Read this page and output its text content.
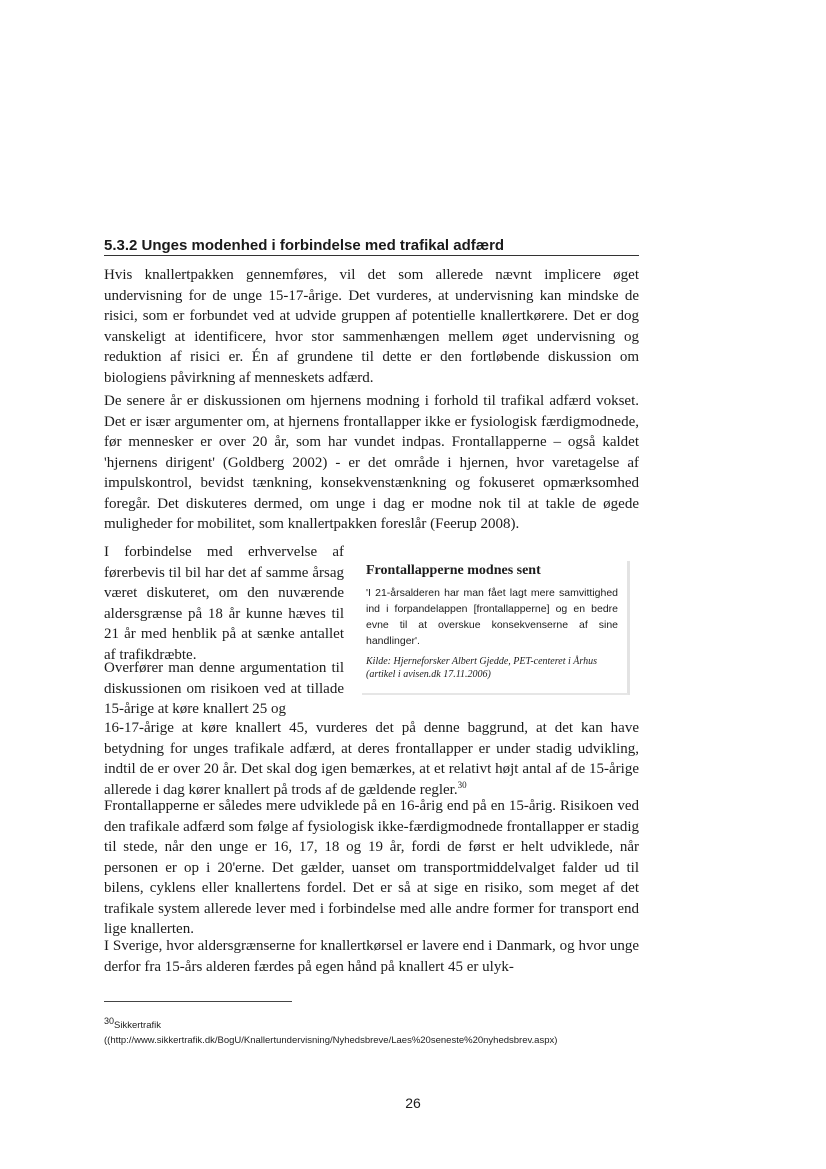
5.3.2 Unges modenhed i forbindelse med trafikal adfærd

Hvis knallertpakken gennemføres, vil det som allerede nævnt implicere øget undervisning for de unge 15-17-årige. Det vurderes, at undervisning kan mindske de risici, som er forbundet ved at udvide gruppen af potentielle knallertkørere. Det er dog vanskeligt at identificere, hvor stor sammenhængen mellem øget undervisning og reduktion af risici er. Én af grundene til dette er den fortløbende diskussion om biologiens påvirkning af menneskets adfærd.

De senere år er diskussionen om hjernens modning i forhold til trafikal adfærd vokset. Det er især argumenter om, at hjernens frontallapper ikke er fysiologisk færdigmodnede, før mennesker er over 20 år, som har vundet indpas. Frontallapperne – også kaldet 'hjernens dirigent' (Goldberg 2002) - er det område i hjernen, hvor varetagelse af impulskontrol, bevidst tænkning, konsekvenstænkning og fokuseret opmærksomhed foregår. Det diskuteres dermed, om unge i dag er modne nok til at takle de øgede muligheder for mobilitet, som knallertpakken foreslår (Feerup 2008).

I forbindelse med erhvervelse af førerbevis til bil har det af samme årsag været diskuteret, om den nuværende aldersgrænse på 18 år kunne hæves til 21 år med henblik på at sænke antallet af trafikdræbte.

Overfører man denne argumentation til diskussionen om risikoen ved at tillade 15-årige at køre knallert 25 og

16-17-årige at køre knallert 45, vurderes det på denne baggrund, at det kan have betydning for unges trafikale adfærd, at deres frontallapper er under stadig udvikling, indtil de er over 20 år. Det skal dog igen bemærkes, at et relativt højt antal af de 15-årige allerede i dag kører knallert på trods af de gældende regler.$^{30}$

Frontallapperne er således mere udviklede på en 16-årig end på en 15-årig. Risikoen ved den trafikale adfærd som følge af fysiologisk ikke-færdigmodnede frontallapper er stadig til stede, når den unge er 16, 17, 18 og 19 år, fordi de først er helt udviklede, når personen er op i 20'erne. Det gælder, uanset om transportmiddelvalget falder ud til bilens, cyklens eller knallertens fordel. Det er så at sige en risiko, som meget af det trafikale system allerede lever med i forbindelse med alle andre former for transport end lige knallerten.

I Sverige, hvor aldersgrænserne for knallertkørsel er lavere end i Danmark, og hvor unge derfor fra 15-års alderen færdes på egen hånd på knallert 45 er ulyk-

Frontallapperne modnes sent

'I 21-årsalderen har man fået lagt mere samvittighed ind i forpandelappen [frontallapperne] og en bedre evne til at overskue konsekvenserne af sine handlinger'.

Kilde: Hjerneforsker Albert Gjedde, PET-centeret i Århus (artikel i avisen.dk 17.11.2006)

30Sikkertrafik

((http://www.sikkertrafik.dk/BogU/Knallertundervisning/Nyhedsbreve/Laes%20seneste%20nyhedsbrev.aspx)

26
